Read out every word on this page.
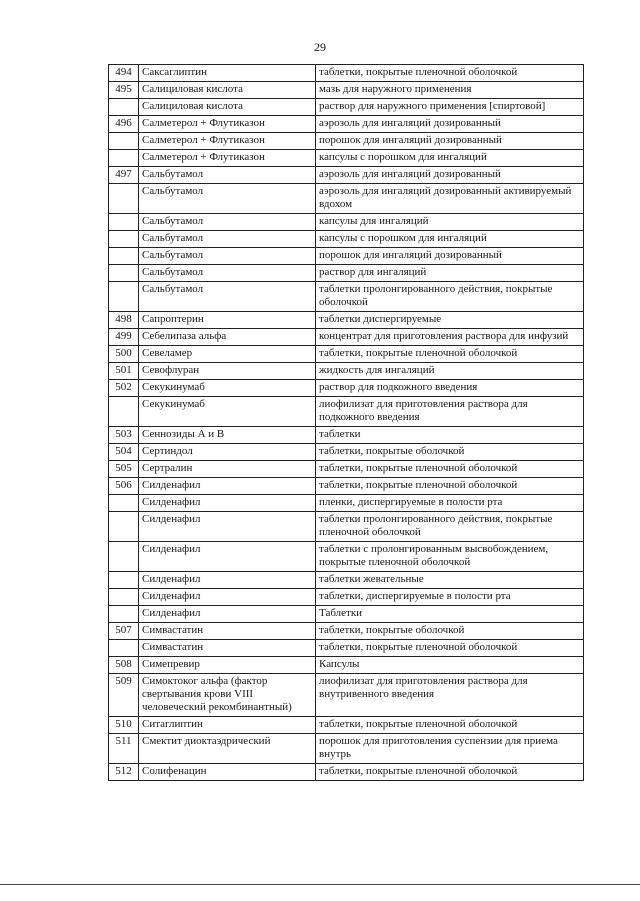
29
494	Саксаглиптин	таблетки, покрытые пленочной оболочкой
495	Салициловая кислота	мазь для наружного применения
	Салициловая кислота	раствор для наружного применения [спиртовой]
496	Салметерол + Флутиказон	аэрозоль для ингаляций дозированный
	Салметерол + Флутиказон	порошок для ингаляций дозированный
	Салметерол + Флутиказон	капсулы с порошком для ингаляций
497	Сальбутамол	аэрозоль для ингаляций дозированный
	Сальбутамол	аэрозоль для ингаляций дозированный активируемый вдохом
	Сальбутамол	капсулы для ингаляций
	Сальбутамол	капсулы с порошком для ингаляций
	Сальбутамол	порошок для ингаляций дозированный
	Сальбутамол	раствор для ингаляций
	Сальбутамол	таблетки пролонгированного действия, покрытые оболочкой
498	Сапроптерин	таблетки диспергируемые
499	Себелипаза альфа	концентрат для приготовления раствора для инфузий
500	Севеламер	таблетки, покрытые пленочной оболочкой
501	Севофлуран	жидкость для ингаляций
502	Секукинумаб	раствор для подкожного введения
	Секукинумаб	лиофилизат для приготовления раствора для подкожного введения
503	Сеннозиды А и В	таблетки
504	Сертиндол	таблетки, покрытые оболочкой
505	Сертралин	таблетки, покрытые пленочной оболочкой
506	Силденафил	таблетки, покрытые пленочной оболочкой
	Силденафил	пленки, диспергируемые в полости рта
	Силденафил	таблетки пролонгированного действия, покрытые пленочной оболочкой
	Силденафил	таблетки с пролонгированным высвобождением, покрытые пленочной оболочкой
	Силденафил	таблетки жевательные
	Силденафил	таблетки, диспергируемые в полости рта
	Силденафил	Таблетки
507	Симвастатин	таблетки, покрытые оболочкой
	Симвастатин	таблетки, покрытые пленочной оболочкой
508	Симепревир	Капсулы
509	Симоктоког альфа (фактор свертывания крови VIII человеческий рекомбинантный)	лиофилизат для приготовления раствора для внутривенного введения
510	Ситаглиптин	таблетки, покрытые пленочной оболочкой
511	Смектит диоктаэдрический	порошок для приготовления суспензии для приема внутрь
512	Солифенацин	таблетки, покрытые пленочной оболочкой
